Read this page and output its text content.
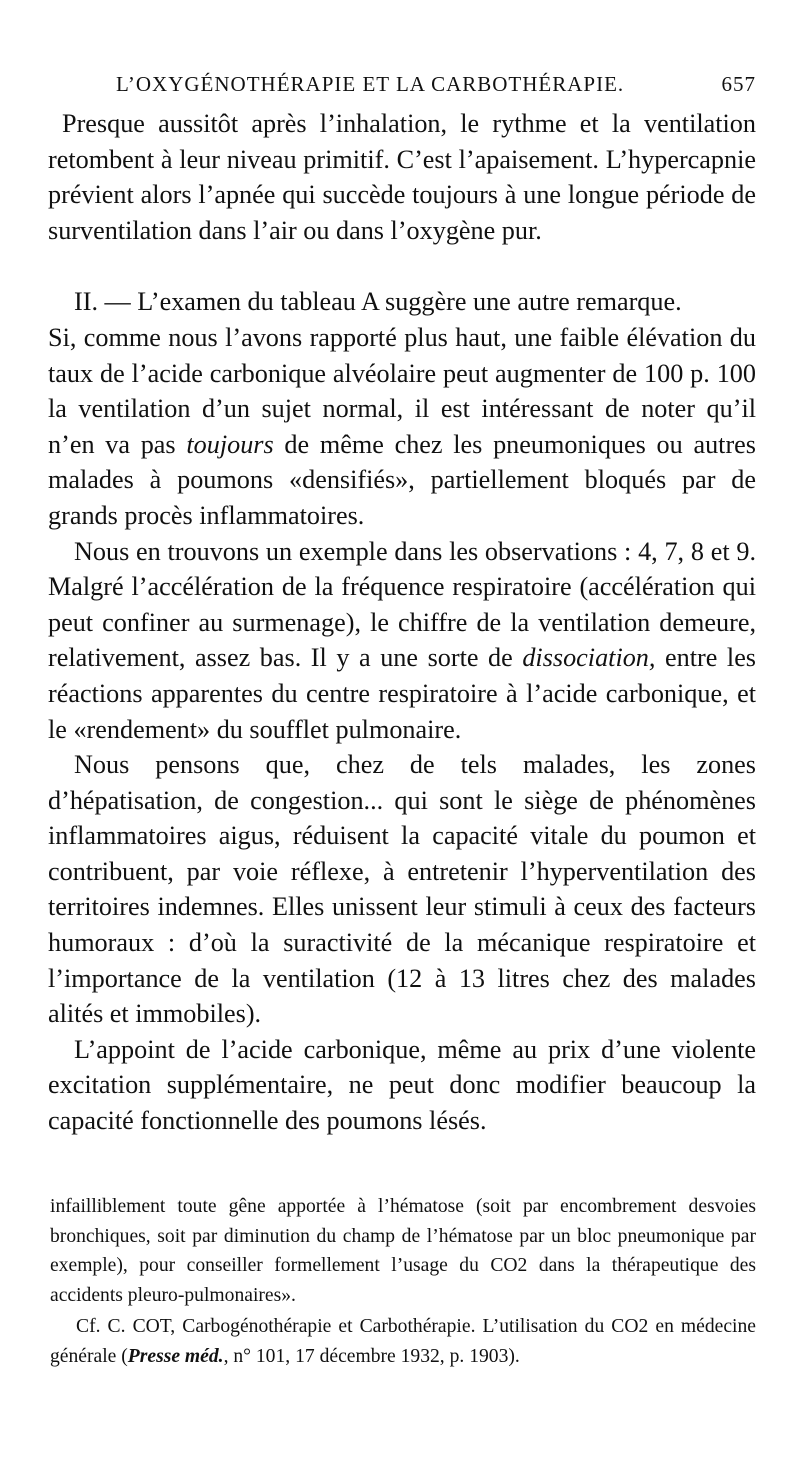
L’OXYGÉNOTHÉRAPIE ET LA CARBOTHÉRAPIE.	657

Presque aussitôt après l’inhalation, le rythme et la ventilation retombent à leur niveau primitif. C’est l’apaisement. L’hypercapnie prévient alors l’apnée qui succède toujours à une longue période de surventilation dans l’air ou dans l’oxygène pur.

II. — L’examen du tableau A suggère une autre remarque.

Si, comme nous l’avons rapporté plus haut, une faible élévation du taux de l’acide carbonique alvéolaire peut augmenter de 100 p. 100 la ventilation d’un sujet normal, il est intéressant de noter qu’il n’en va pas toujours de même chez les pneumoniques ou autres malades à poumons «densifiés», partiellement bloqués par de grands procès inflammatoires.

Nous en trouvons un exemple dans les observations : 4, 7, 8 et 9. Malgré l’accélération de la fréquence respiratoire (accélération qui peut confiner au surmenage), le chiffre de la ventilation demeure, relativement, assez bas. Il y a une sorte de dissociation, entre les réactions apparentes du centre respiratoire à l’acide carbonique, et le «rendement» du soufflet pulmonaire.

Nous pensons que, chez de tels malades, les zones d’hépatisation, de congestion... qui sont le siège de phénomènes inflammatoires aigus, réduisent la capacité vitale du poumon et contribuent, par voie réflexe, à entretenir l’hyperventilation des territoires indemnes. Elles unissent leur stimuli à ceux des facteurs humoraux : d’où la suractivité de la mécanique respiratoire et l’importance de la ventilation (12 à 13 litres chez des malades alités et immobiles).

L’appoint de l’acide carbonique, même au prix d’une violente excitation supplémentaire, ne peut donc modifier beaucoup la capacité fonctionnelle des poumons lésés.

infailliblement toute gêne apportée à l’hématose (soit par encombrement desvoies bronchiques, soit par diminution du champ de l’hématose par un bloc pneumonique par exemple), pour conseiller formellement l’usage du CO2 dans la thérapeutique des accidents pleuro-pulmonaires».

Cf. C. COT, Carbogénothérapie et Carbothérapie. L’utilisation du CO2 en médecine générale (Presse méd., n° 101, 17 décembre 1932, p. 1903).
